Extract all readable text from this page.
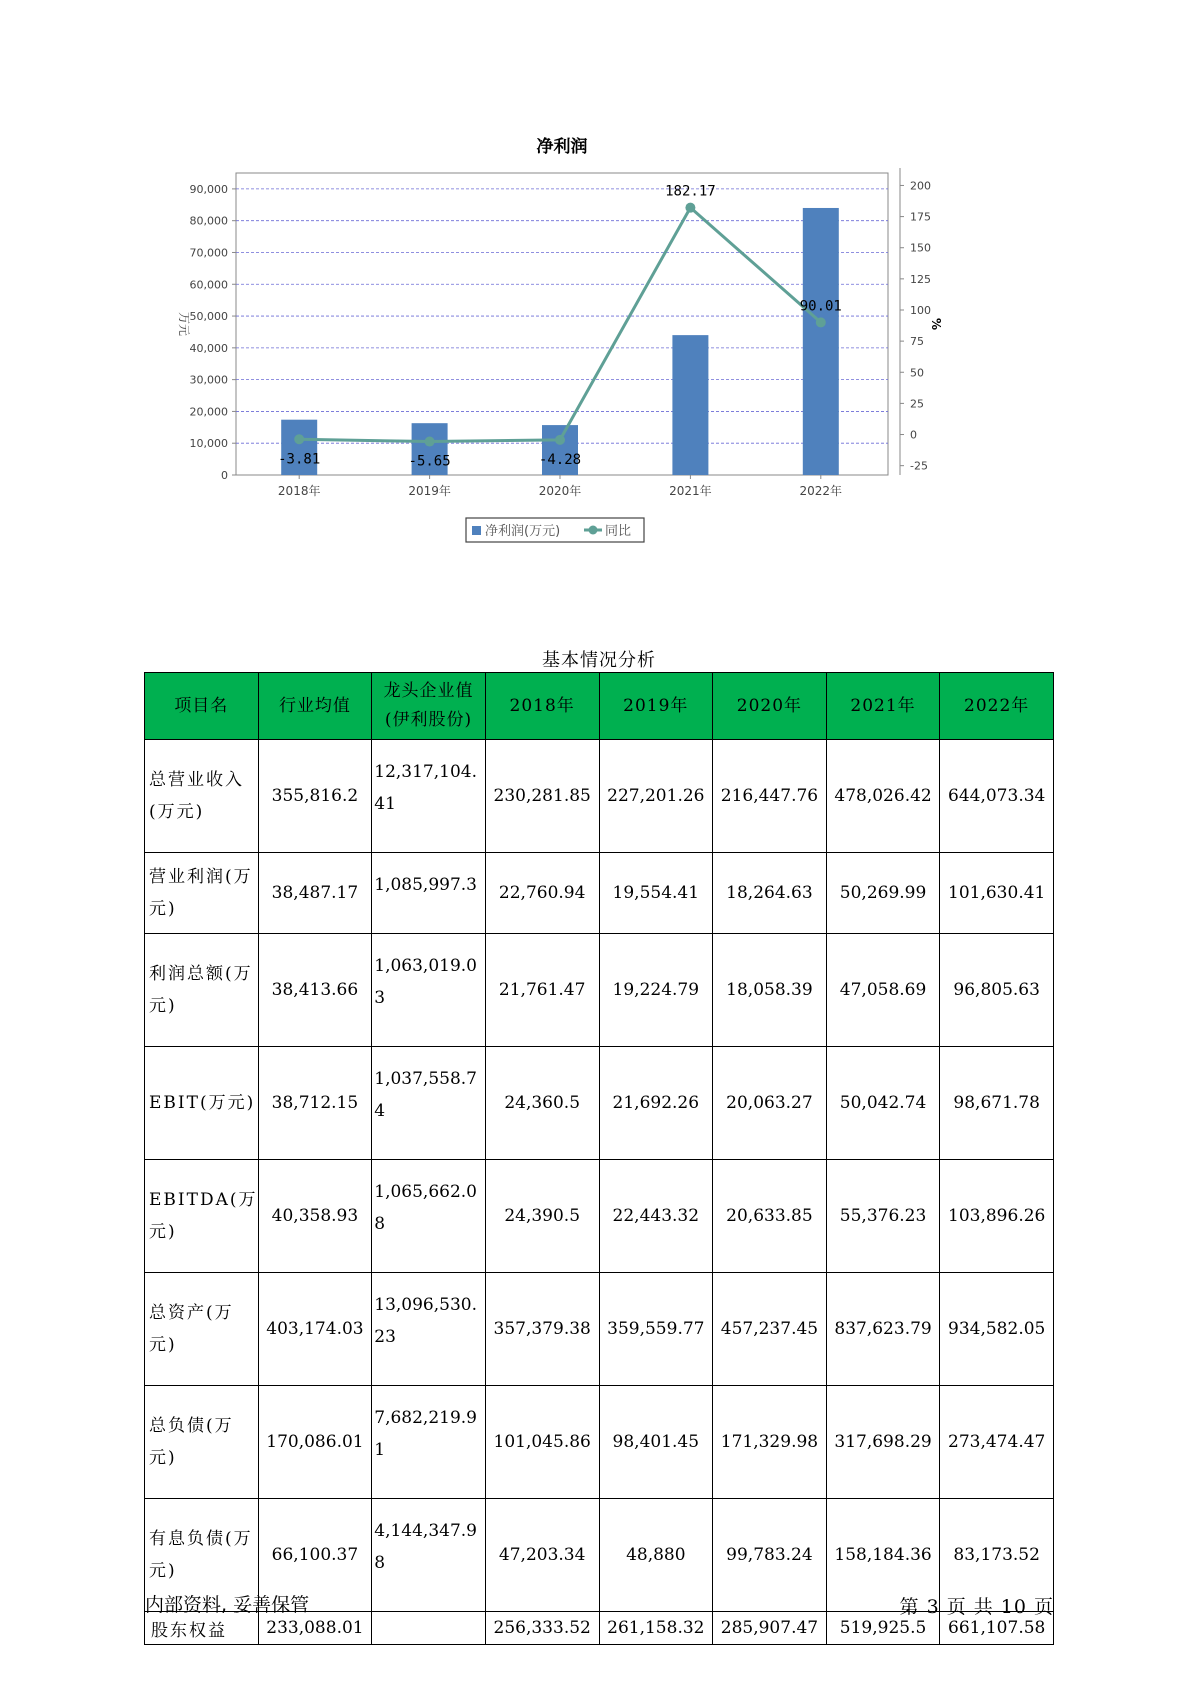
净利润
0
10,000
20,000
30,000
40,000
50,000
60,000
70,000
80,000
90,000
万元
-25
0
25
50
75
100
125
150
175
200
%
2018年	2019年	2020年	2021年	2022年
-3.81	-5.65	-4.28
182.17
90.01
净利润(万元)	同比
基本情况分析
项目名	行业均值	龙头企业值(伊利股份)	2018年	2019年	2020年	2021年	2022年
总营业收入(万元)	355,816.2	12,317,104.41	230,281.85	227,201.26	216,447.76	478,026.42	644,073.34
营业利润(万元)	38,487.17	1,085,997.3	22,760.94	19,554.41	18,264.63	50,269.99	101,630.41
利润总额(万元)	38,413.66	1,063,019.03	21,761.47	19,224.79	18,058.39	47,058.69	96,805.63
EBIT(万元)	38,712.15	1,037,558.74	24,360.5	21,692.26	20,063.27	50,042.74	98,671.78
EBITDA(万元)	40,358.93	1,065,662.08	24,390.5	22,443.32	20,633.85	55,376.23	103,896.26
总资产(万元)	403,174.03	13,096,530.23	357,379.38	359,559.77	457,237.45	837,623.79	934,582.05
总负债(万元)	170,086.01	7,682,219.91	101,045.86	98,401.45	171,329.98	317,698.29	273,474.47
有息负债(万元)	66,100.37	4,144,347.98	47,203.34	48,880	99,783.24	158,184.36	83,173.52
股东权益	233,088.01		256,333.52	261,158.32	285,907.47	519,925.5	661,107.58
内部资料, 妥善保管	第 3 页 共 10 页
